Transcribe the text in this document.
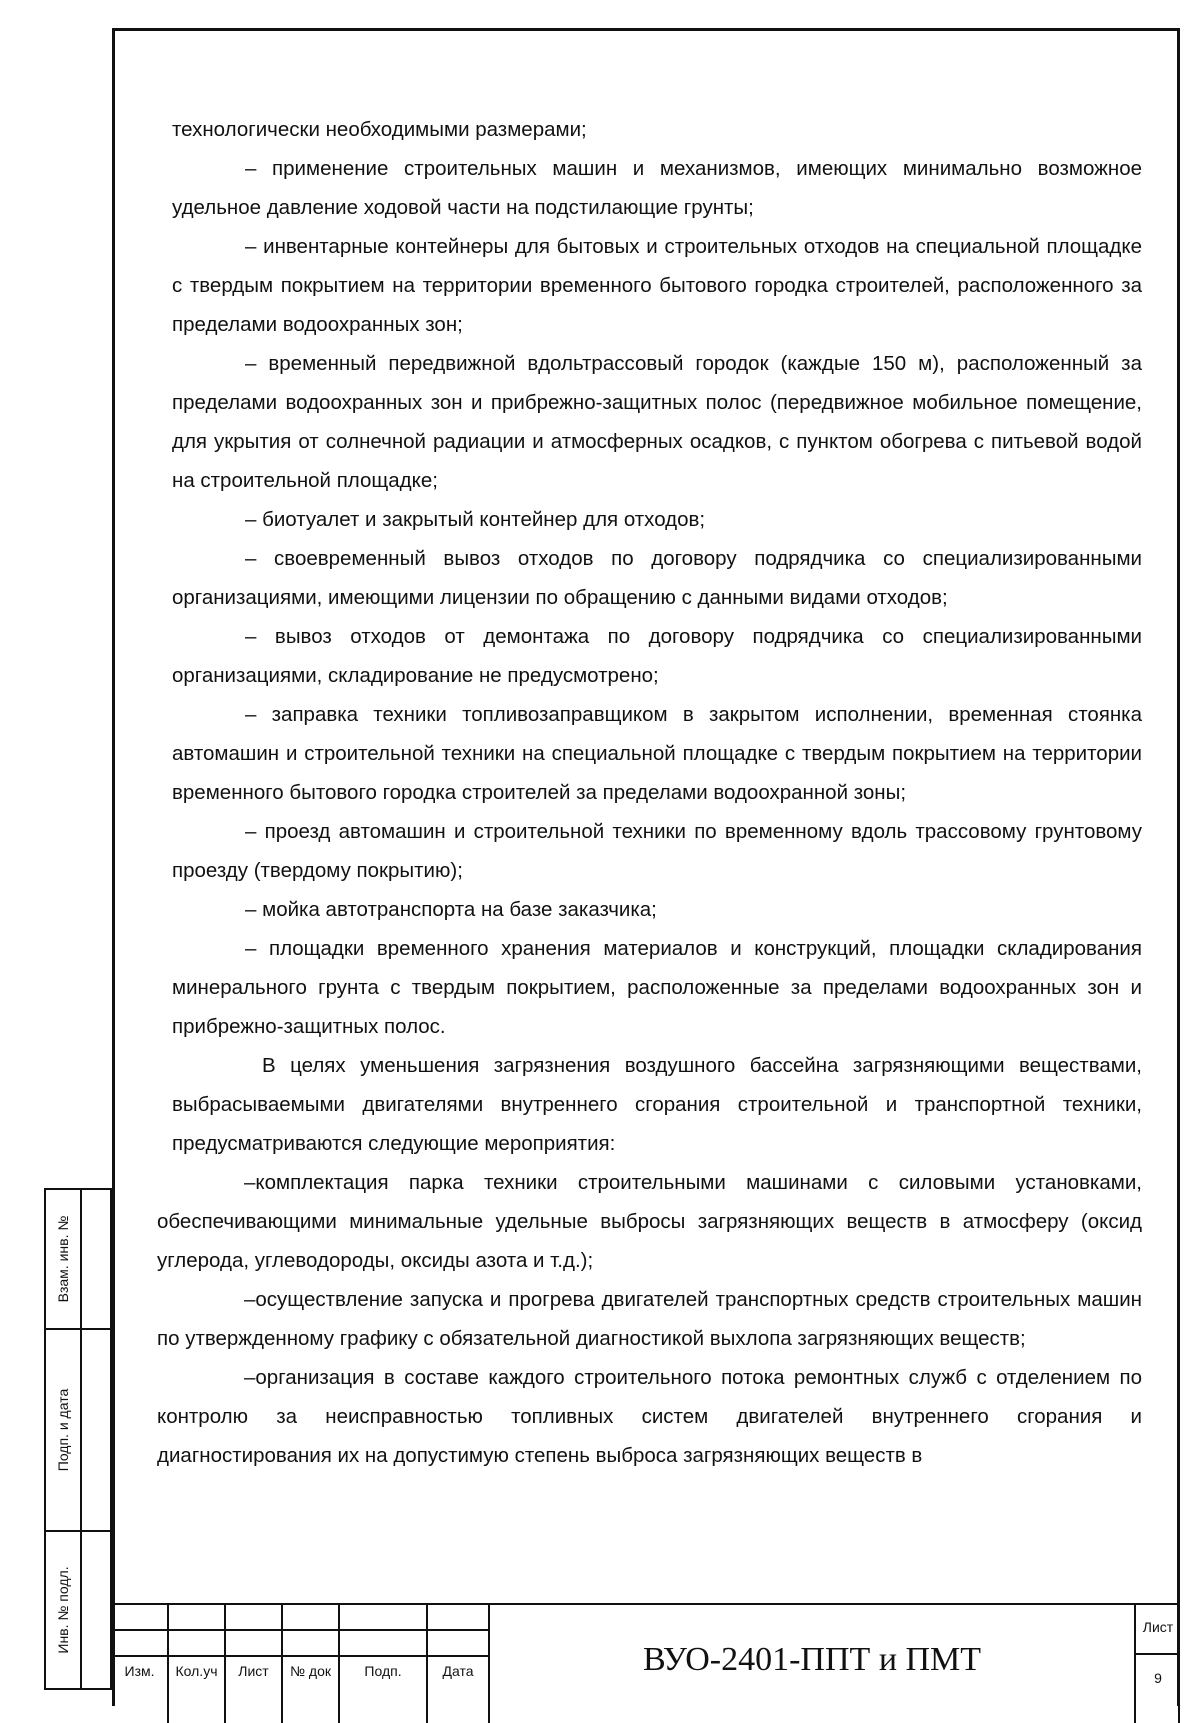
технологически необходимыми размерами;

– применение строительных машин и механизмов, имеющих минимально возможное удельное давление ходовой части на подстилающие грунты;

– инвентарные контейнеры для бытовых и строительных отходов на специальной площадке с твердым покрытием на территории временного бытового городка строителей, расположенного за пределами водоохранных зон;

– временный передвижной вдольтрассовый городок (каждые 150 м), расположенный за пределами водоохранных зон и прибрежно-защитных полос (передвижное мобильное помещение, для укрытия от солнечной радиации и атмосферных осадков, с пунктом обогрева с питьевой водой на строительной площадке;

– биотуалет и закрытый контейнер для отходов;

– своевременный вывоз отходов по договору подрядчика со специализированными организациями, имеющими лицензии по обращению с данными видами отходов;

– вывоз отходов от демонтажа по договору подрядчика со специализированными организациями, складирование не предусмотрено;

– заправка техники топливозаправщиком в закрытом исполнении, временная стоянка автомашин и строительной техники на специальной площадке с твердым покрытием на территории временного бытового городка строителей за пределами водоохранной зоны;

– проезд автомашин и строительной техники по временному вдоль трассовому грунтовому проезду (твердому покрытию);

– мойка автотранспорта на базе заказчика;

– площадки временного хранения материалов и конструкций, площадки складирования минерального грунта с твердым покрытием, расположенные за пределами водоохранных зон и прибрежно-защитных полос.

В целях уменьшения загрязнения воздушного бассейна загрязняющими веществами, выбрасываемыми двигателями внутреннего сгорания строительной и транспортной техники, предусматриваются следующие мероприятия:

–комплектация парка техники строительными машинами с силовыми установками, обеспечивающими минимальные удельные выбросы загрязняющих веществ в атмосферу (оксид углерода, углеводороды, оксиды азота и т.д.);

–осуществление запуска и прогрева двигателей транспортных средств строительных машин по утвержденному графику с обязательной диагностикой выхлопа загрязняющих веществ;

–организация в составе каждого строительного потока ремонтных служб с отделением по контролю за неисправностью топливных систем двигателей внутреннего сгорания и диагностирования их на допустимую степень выброса загрязняющих веществ в

Взам. инв. №
Подп. и дата
Инв. № подл.
Изм.	Кол.уч	Лист	№ док	Подп.	Дата	ВУО-2401-ППТ и ПМТ
Лист
9
